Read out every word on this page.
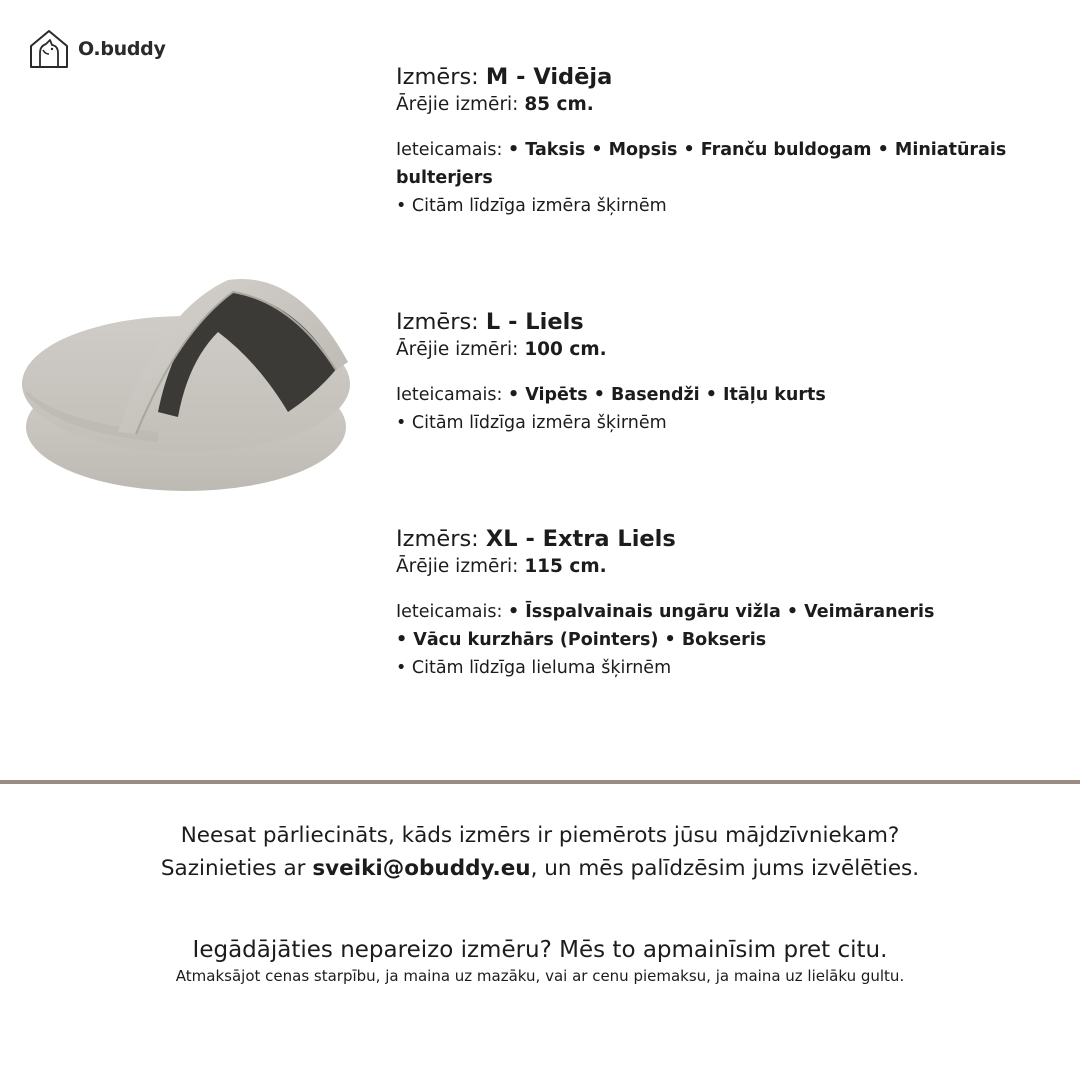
O.buddy

Izmērs: M - Vidēja

Ārējie izmēri: 85 cm.

Ieteicamais: • Taksis • Mopsis • Franču buldogam • Miniatūrais bulterjers
• Citām līdzīga izmēra šķirnēm

Izmērs: L - Liels

Ārējie izmēri: 100 cm.

Ieteicamais: • Vipēts • Basendži • Itāļu kurts
• Citām līdzīga izmēra šķirnēm

Izmērs: XL - Extra Liels

Ārējie izmēri: 115 cm.

Ieteicamais: • Īsspalvainais ungāru vižla • Veimāraneris
• Vācu kurzhārs (Pointers) • Bokseris
• Citām līdzīga lieluma šķirnēm
Neesat pārliecināts, kāds izmērs ir piemērots jūsu mājdzīvniekam?
Sazinieties ar sveiki@obuddy.eu, un mēs palīdzēsim jums izvēlēties.
Iegādājāties nepareizo izmēru? Mēs to apmainīsim pret citu.
Atmaksājot cenas starpību, ja maina uz mazāku, vai ar cenu piemaksu, ja maina uz lielāku gultu.
